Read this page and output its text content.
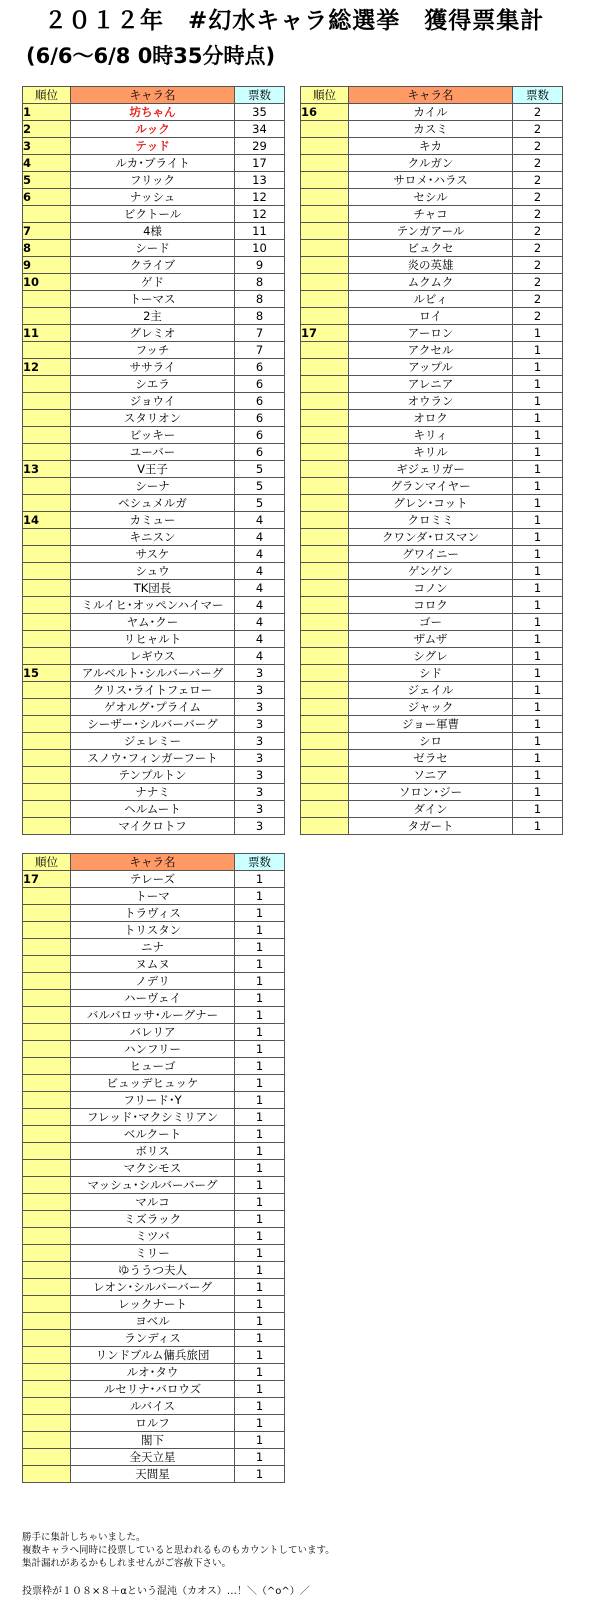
２０１２年　#幻水キャラ総選挙　獲得票集計
(6/6〜6/8 0時35分時点)
順位	キャラ名	票数
1	坊ちゃん	35
2	ルック	34
3	テッド	29
4	ルカ･ブライト	17
5	フリック	13
6	ナッシュ	12
	ビクトール	12
7	4様	11
8	シード	10
9	クライブ	9
10	ゲド	8
	トーマス	8
	2主	8
11	グレミオ	7
	フッチ	7
12	ササライ	6
	シエラ	6
	ジョウイ	6
	スタリオン	6
	ビッキー	6
	ユーバー	6
13	V王子	5
	シーナ	5
	ベシュメルガ	5
14	カミュー	4
	キニスン	4
	サスケ	4
	シュウ	4
	TK団長	4
	ミルイヒ･オッペンハイマー	4
	ヤム･クー	4
	リヒャルト	4
	レギウス	4
15	アルベルト･シルバーバーグ	3
	クリス･ライトフェロー	3
	ゲオルグ･プライム	3
	シーザー･シルバーバーグ	3
	ジェレミー	3
	スノウ･フィンガーフート	3
	テンプルトン	3
	ナナミ	3
	ヘルムート	3
	マイクロトフ	3
順位	キャラ名	票数
16	カイル	2
	カスミ	2
	キカ	2
	クルガン	2
	サロメ･ハラス	2
	セシル	2
	チャコ	2
	テンガアール	2
	ビュクセ	2
	炎の英雄	2
	ムクムク	2
	ルビィ	2
	ロイ	2
17	アーロン	1
	アクセル	1
	アップル	1
	アレニア	1
	オウラン	1
	オロク	1
	キリィ	1
	キリル	1
	ギジェリガー	1
	グランマイヤー	1
	グレン･コット	1
	クロミミ	1
	クワンダ･ロスマン	1
	グワイニー	1
	ゲンゲン	1
	コノン	1
	コロク	1
	ゴー	1
	ザムザ	1
	シグレ	1
	シド	1
	ジェイル	1
	ジャック	1
	ジョー軍曹	1
	シロ	1
	ゼラセ	1
	ソニア	1
	ソロン･ジー	1
	ダイン	1
	タガート	1
順位	キャラ名	票数
17	テレーズ	1
	トーマ	1
	トラヴィス	1
	トリスタン	1
	ニナ	1
	ヌムヌ	1
	ノデリ	1
	ハーヴェイ	1
	バルバロッサ･ルーグナー	1
	バレリア	1
	ハンフリー	1
	ヒューゴ	1
	ビュッデヒュッケ	1
	フリード･Y	1
	フレッド･マクシミリアン	1
	ベルクート	1
	ボリス	1
	マクシモス	1
	マッシュ･シルバーバーグ	1
	マルコ	1
	ミズラック	1
	ミツバ	1
	ミリー	1
	ゆううつ夫人	1
	レオン･シルバーバーグ	1
	レックナート	1
	ヨベル	1
	ランディス	1
	リンドブルム傭兵旅団	1
	ルオ･タウ	1
	ルセリナ･バロウズ	1
	ルバイス	1
	ロルフ	1
	閣下	1
	全天立星	1
	天間星	1
勝手に集計しちゃいました。
複数キャラへ同時に投票していると思われるものもカウントしています。
集計漏れがあるかもしれませんがご容赦下さい。
投票枠が１０８×８＋αという混沌（カオス）…！＼（^o^）／
